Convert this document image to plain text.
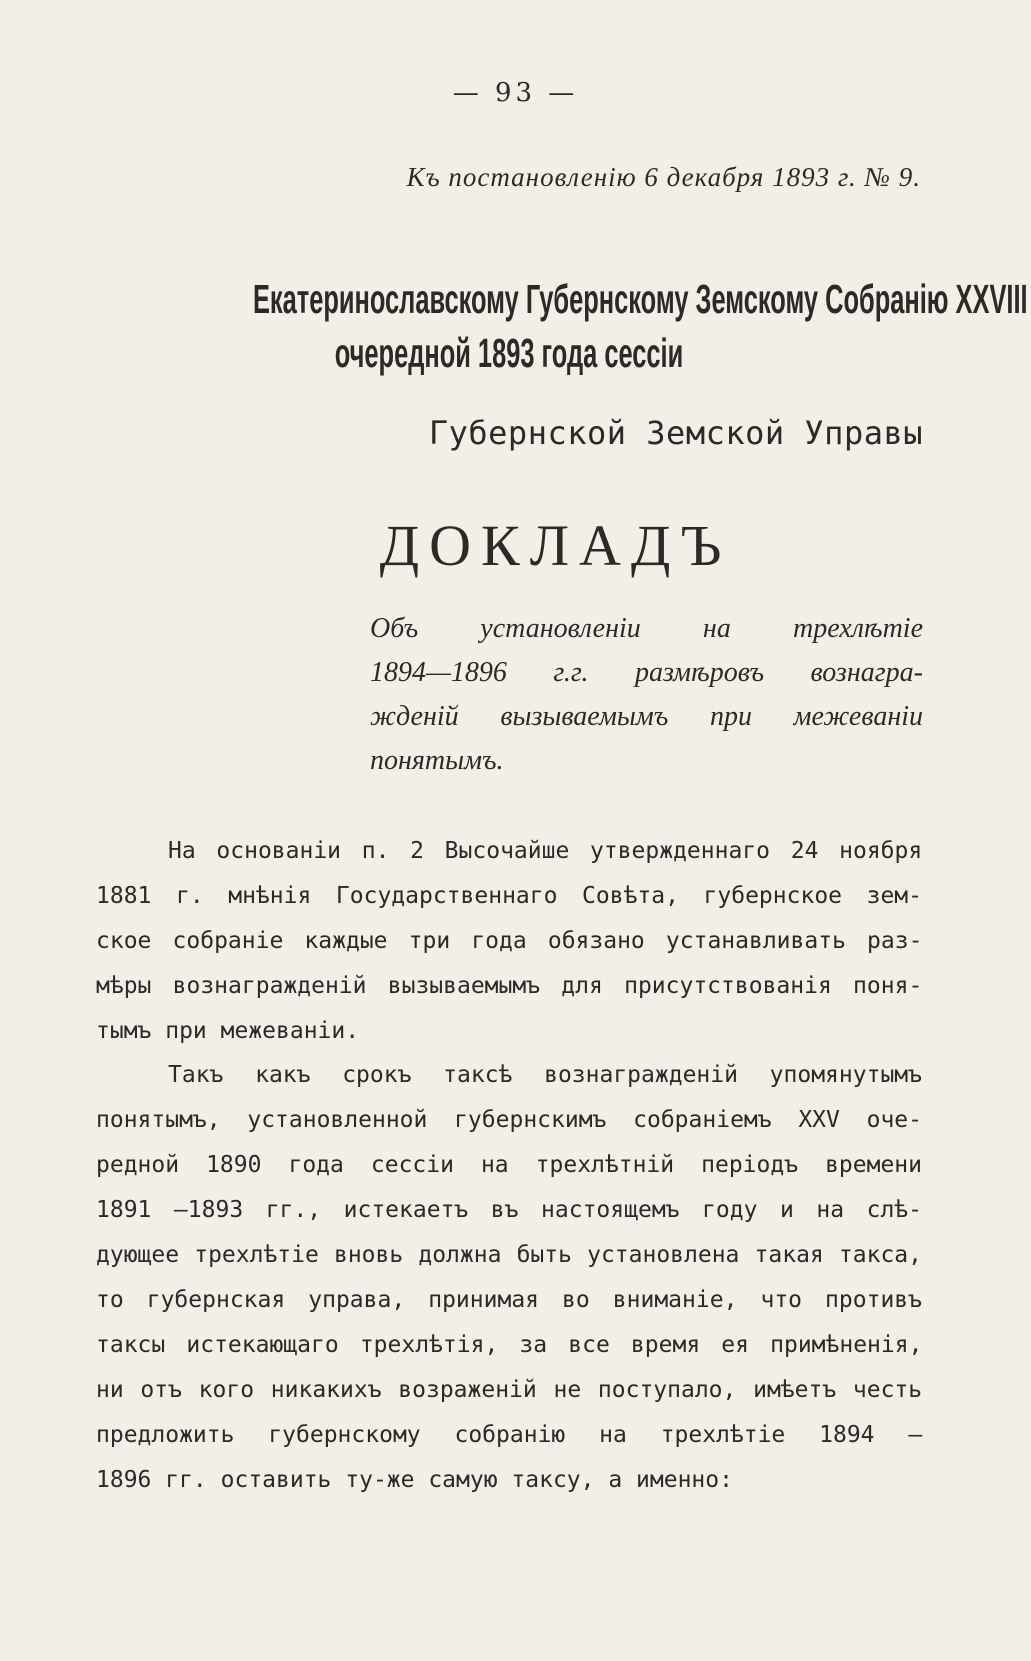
— 93 —
Къ постановленію 6 декабря 1893 г. № 9.
Екатеринославскому Губернскому Земскому Собранію XXVIII
очередной 1893 года сессіи
Губернской Земской Управы
ДОКЛАДЪ
Объ установленіи на трехлѣтіе
1894—1896 г.г. размѣровъ вознагра-
жденій вызываемымъ при межеваніи
понятымъ.
На основаніи п. 2 Высочайше утвержденнаго 24 ноября
1881 г. мнѣнія Государственнаго Совѣта, губернское зем-
ское собраніе каждые три года обязано устанавливать раз-
мѣры вознагражденій вызываемымъ для присутствованія поня-
тымъ при межеваніи.
Такъ какъ срокъ таксѣ вознагражденій упомянутымъ
понятымъ, установленной губернскимъ собраніемъ XXV оче-
редной 1890 года сессіи на трехлѣтній періодъ времени
1891 —1893 гг., истекаетъ въ настоящемъ году и на слѣ-
дующее трехлѣтіе вновь должна быть установлена такая такса,
то губернская управа, принимая во вниманіе, что противъ
таксы истекающаго трехлѣтія, за все время ея примѣненія,
ни отъ кого никакихъ возраженій не поступало, имѣетъ честь
предложить губернскому собранію на трехлѣтіе 1894 —
1896 гг. оставить ту-же самую таксу, а именно:
